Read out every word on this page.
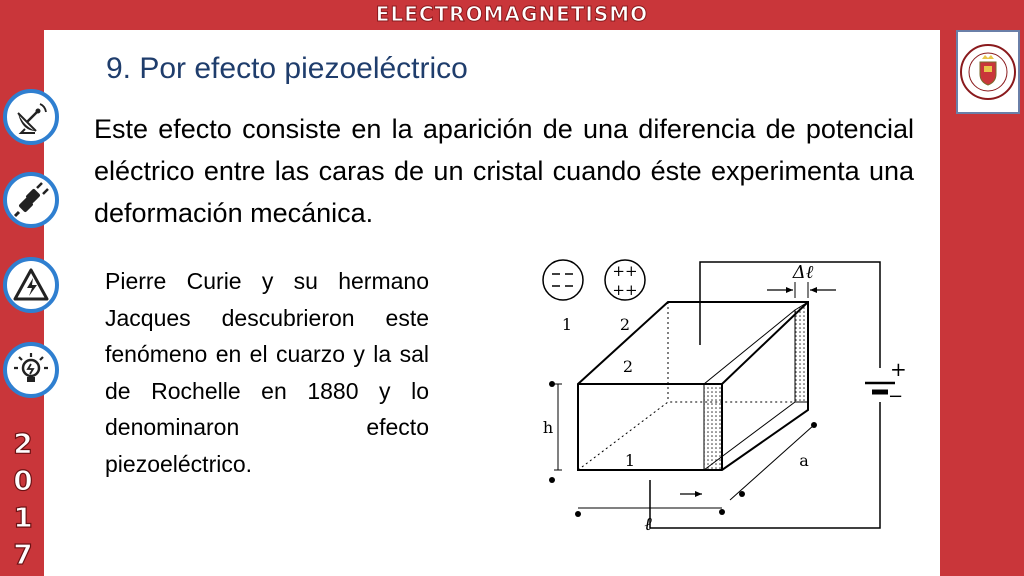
ELECTROMAGNETISMO
2
0
1
7
9. Por efecto piezoeléctrico
Este efecto consiste en la aparición de una diferencia de potencial eléctrico entre las caras de un cristal cuando éste experimenta una deformación mecánica.
Pierre Curie y su hermano Jacques descubrieron este fenómeno en el cuarzo y la sal de Rochelle en 1880 y lo denominaron efecto piezoeléctrico.
++
++
1	2
2
1
+
−
Δℓ
h
a
ℓ
